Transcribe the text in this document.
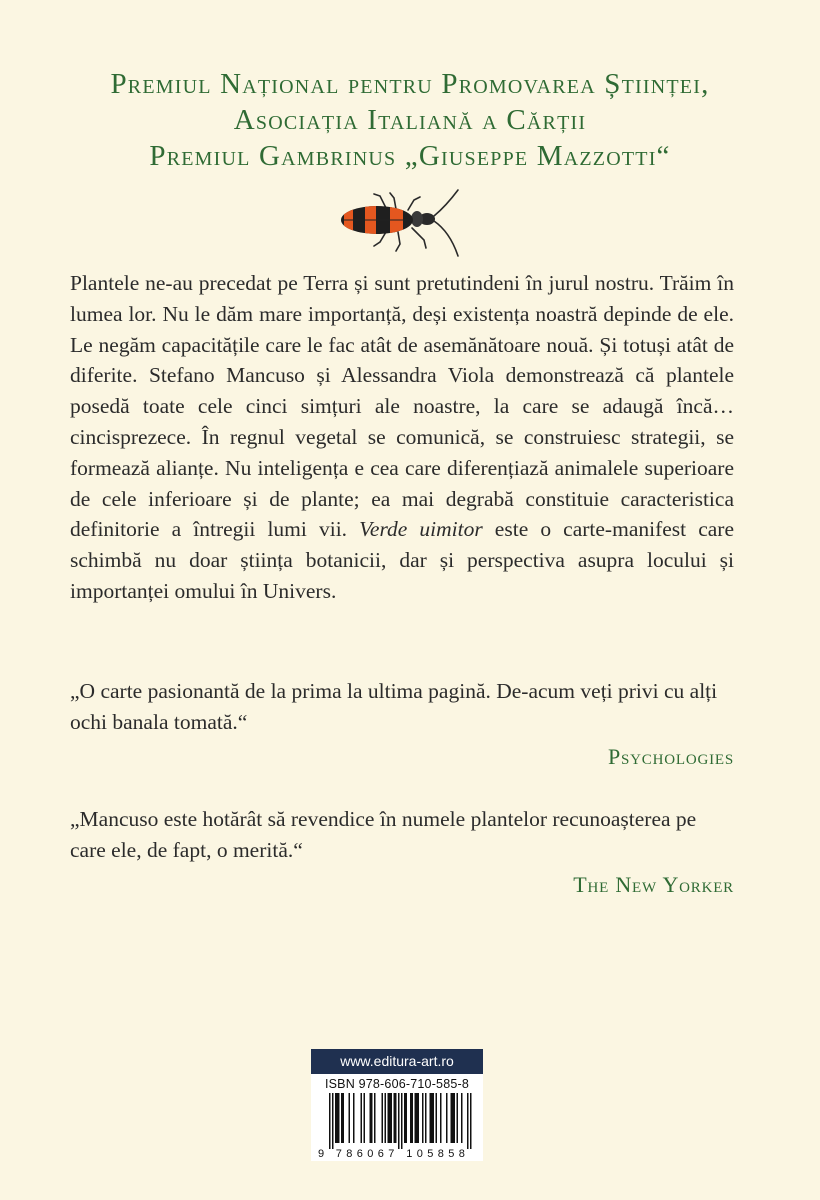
Premiul Național pentru Promovarea Științei,
Asociația Italiană a Cărții
Premiul Gambrinus „Giuseppe Mazzotti“
Plantele ne-au precedat pe Terra și sunt pretutindeni în jurul nostru. Trăim în lumea lor. Nu le dăm mare importanță, deși existența noastră depinde de ele. Le negăm capacitățile care le fac atât de asemănătoare nouă. Și totuși atât de diferite. Stefano Mancuso și Alessandra Viola demonstrează că plantele posedă toate cele cinci simțuri ale noastre, la care se adaugă încă… cincisprezece. În regnul vegetal se comunică, se construiesc strategii, se formează alianțe. Nu inteligența e cea care diferențiază animalele superioare de cele inferioare și de plante; ea mai degrabă constituie caracteristica definitorie a întregii lumi vii. Verde uimitor este o carte-manifest care schimbă nu doar știința botanicii, dar și perspectiva asupra locului și importanței omului în Univers.
„O carte pasionantă de la prima la ultima pagină. De-acum veți privi cu alți ochi banala tomată.“
Psychologies
„Mancuso este hotărât să revendice în numele plantelor recunoașterea pe care ele, de fapt, o merită.“
The New Yorker
www.editura-art.ro
ISBN 978-606-710-585-8
9 7 8 6 0 6 7 1 0 5 8 5 8
